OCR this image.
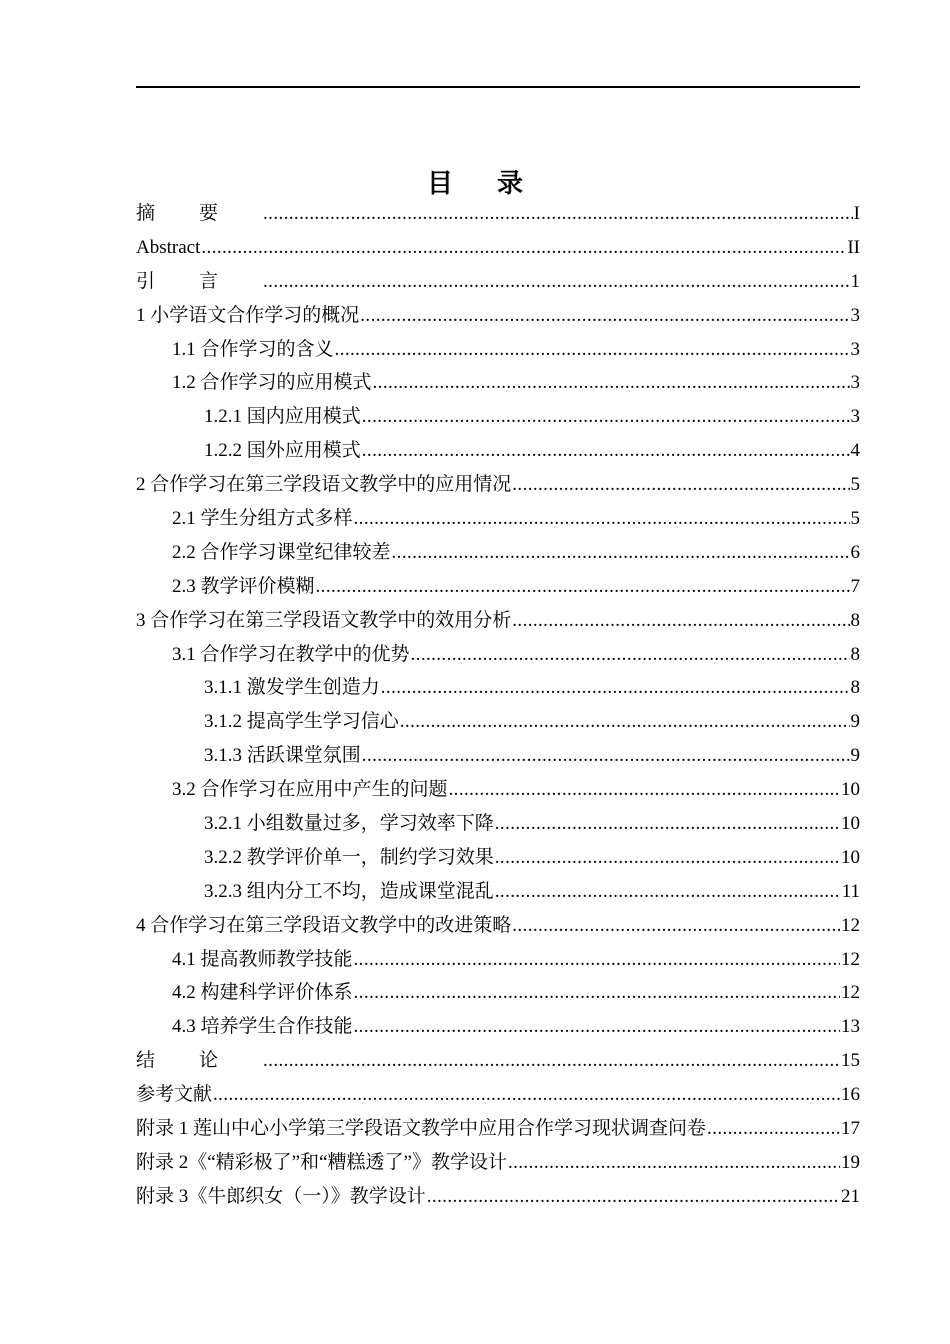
目录
摘要 .....	I
Abstract .....	II
引言 .....	1
1 小学语文合作学习的概况 .....	3
1.1 合作学习的含义 .....	3
1.2 合作学习的应用模式 .....	3
1.2.1 国内应用模式 .....	3
1.2.2 国外应用模式 .....	4
2 合作学习在第三学段语文教学中的应用情况 .....	5
2.1 学生分组方式多样 .....	5
2.2 合作学习课堂纪律较差 .....	6
2.3 教学评价模糊 .....	7
3 合作学习在第三学段语文教学中的效用分析 .....	8
3.1 合作学习在教学中的优势 .....	8
3.1.1 激发学生创造力 .....	8
3.1.2 提高学生学习信心 .....	9
3.1.3 活跃课堂氛围 .....	9
3.2 合作学习在应用中产生的问题 .....	10
3.2.1 小组数量过多，学习效率下降 .....	10
3.2.2 教学评价单一，制约学习效果 .....	10
3.2.3 组内分工不均，造成课堂混乱 .....	11
4 合作学习在第三学段语文教学中的改进策略 .....	12
4.1 提高教师教学技能 .....	12
4.2 构建科学评价体系 .....	12
4.3 培养学生合作技能 .....	13
结论 .....	15
参考文献 .....	16
附录 1 莲山中心小学第三学段语文教学中应用合作学习现状调查问卷 .....	17
附录 2《“精彩极了”和“糟糕透了”》教学设计 .....	19
附录 3《牛郎织女（一）》教学设计 .....	21
